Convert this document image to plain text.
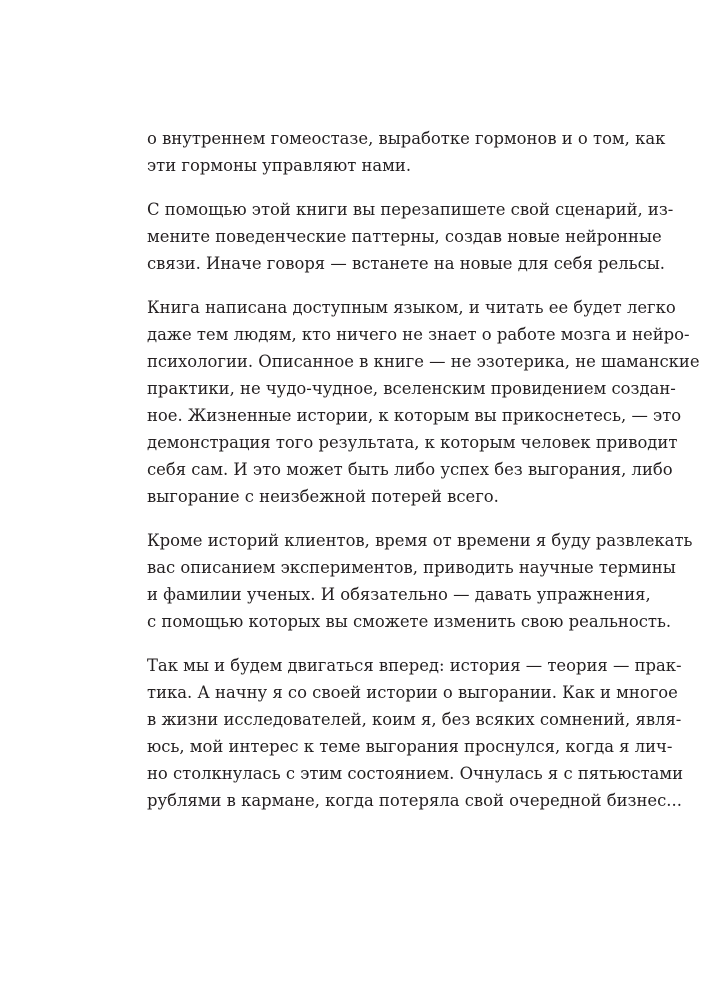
о внутреннем гомеостазе, выработке гормонов и о том, как
эти гормоны управляют нами.

С помощью этой книги вы перезапишете свой сценарий, из-
мените поведенческие паттерны, создав новые нейронные
связи. Иначе говоря — встанете на новые для себя рельсы.

Книга написана доступным языком, и читать ее будет легко
даже тем людям, кто ничего не знает о работе мозга и нейро-
психологии. Описанное в книге — не эзотерика, не шаманские
практики, не чудо-чудное, вселенским провидением создан-
ное. Жизненные истории, к которым вы прикоснетесь, — это
демонстрация того результата, к которым человек приводит
себя сам. И это может быть либо успех без выгорания, либо
выгорание с неизбежной потерей всего.

Кроме историй клиентов, время от времени я буду развлекать
вас описанием экспериментов, приводить научные термины
и фамилии ученых. И обязательно — давать упражнения,
с помощью которых вы сможете изменить свою реальность.

Так мы и будем двигаться вперед: история — теория — прак-
тика. А начну я со своей истории о выгорании. Как и многое
в жизни исследователей, коим я, без всяких сомнений, явля-
юсь, мой интерес к теме выгорания проснулся, когда я лич-
но столкнулась с этим состоянием. Очнулась я с пятьюстами
рублями в кармане, когда потеряла свой очередной бизнес...
